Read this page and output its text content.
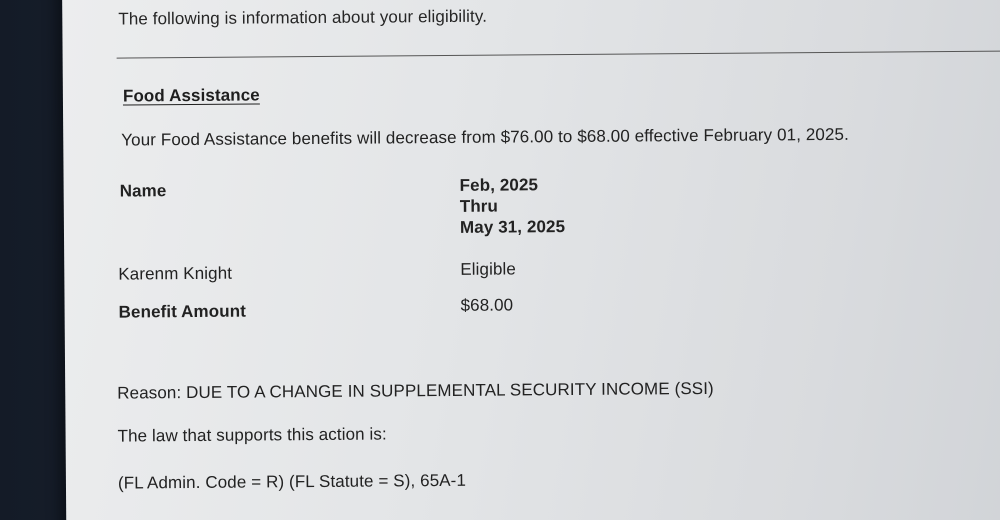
The following is information about your eligibility.
Food Assistance
Your Food Assistance benefits will decrease from $76.00 to $68.00 effective February 01, 2025.
Name	Feb, 2025
Thru
May 31, 2025
Karenm Knight	Eligible
Benefit Amount	$68.00
Reason: DUE TO A CHANGE IN SUPPLEMENTAL SECURITY INCOME (SSI)
The law that supports this action is:
(FL Admin. Code = R) (FL Statute = S), 65A-1
